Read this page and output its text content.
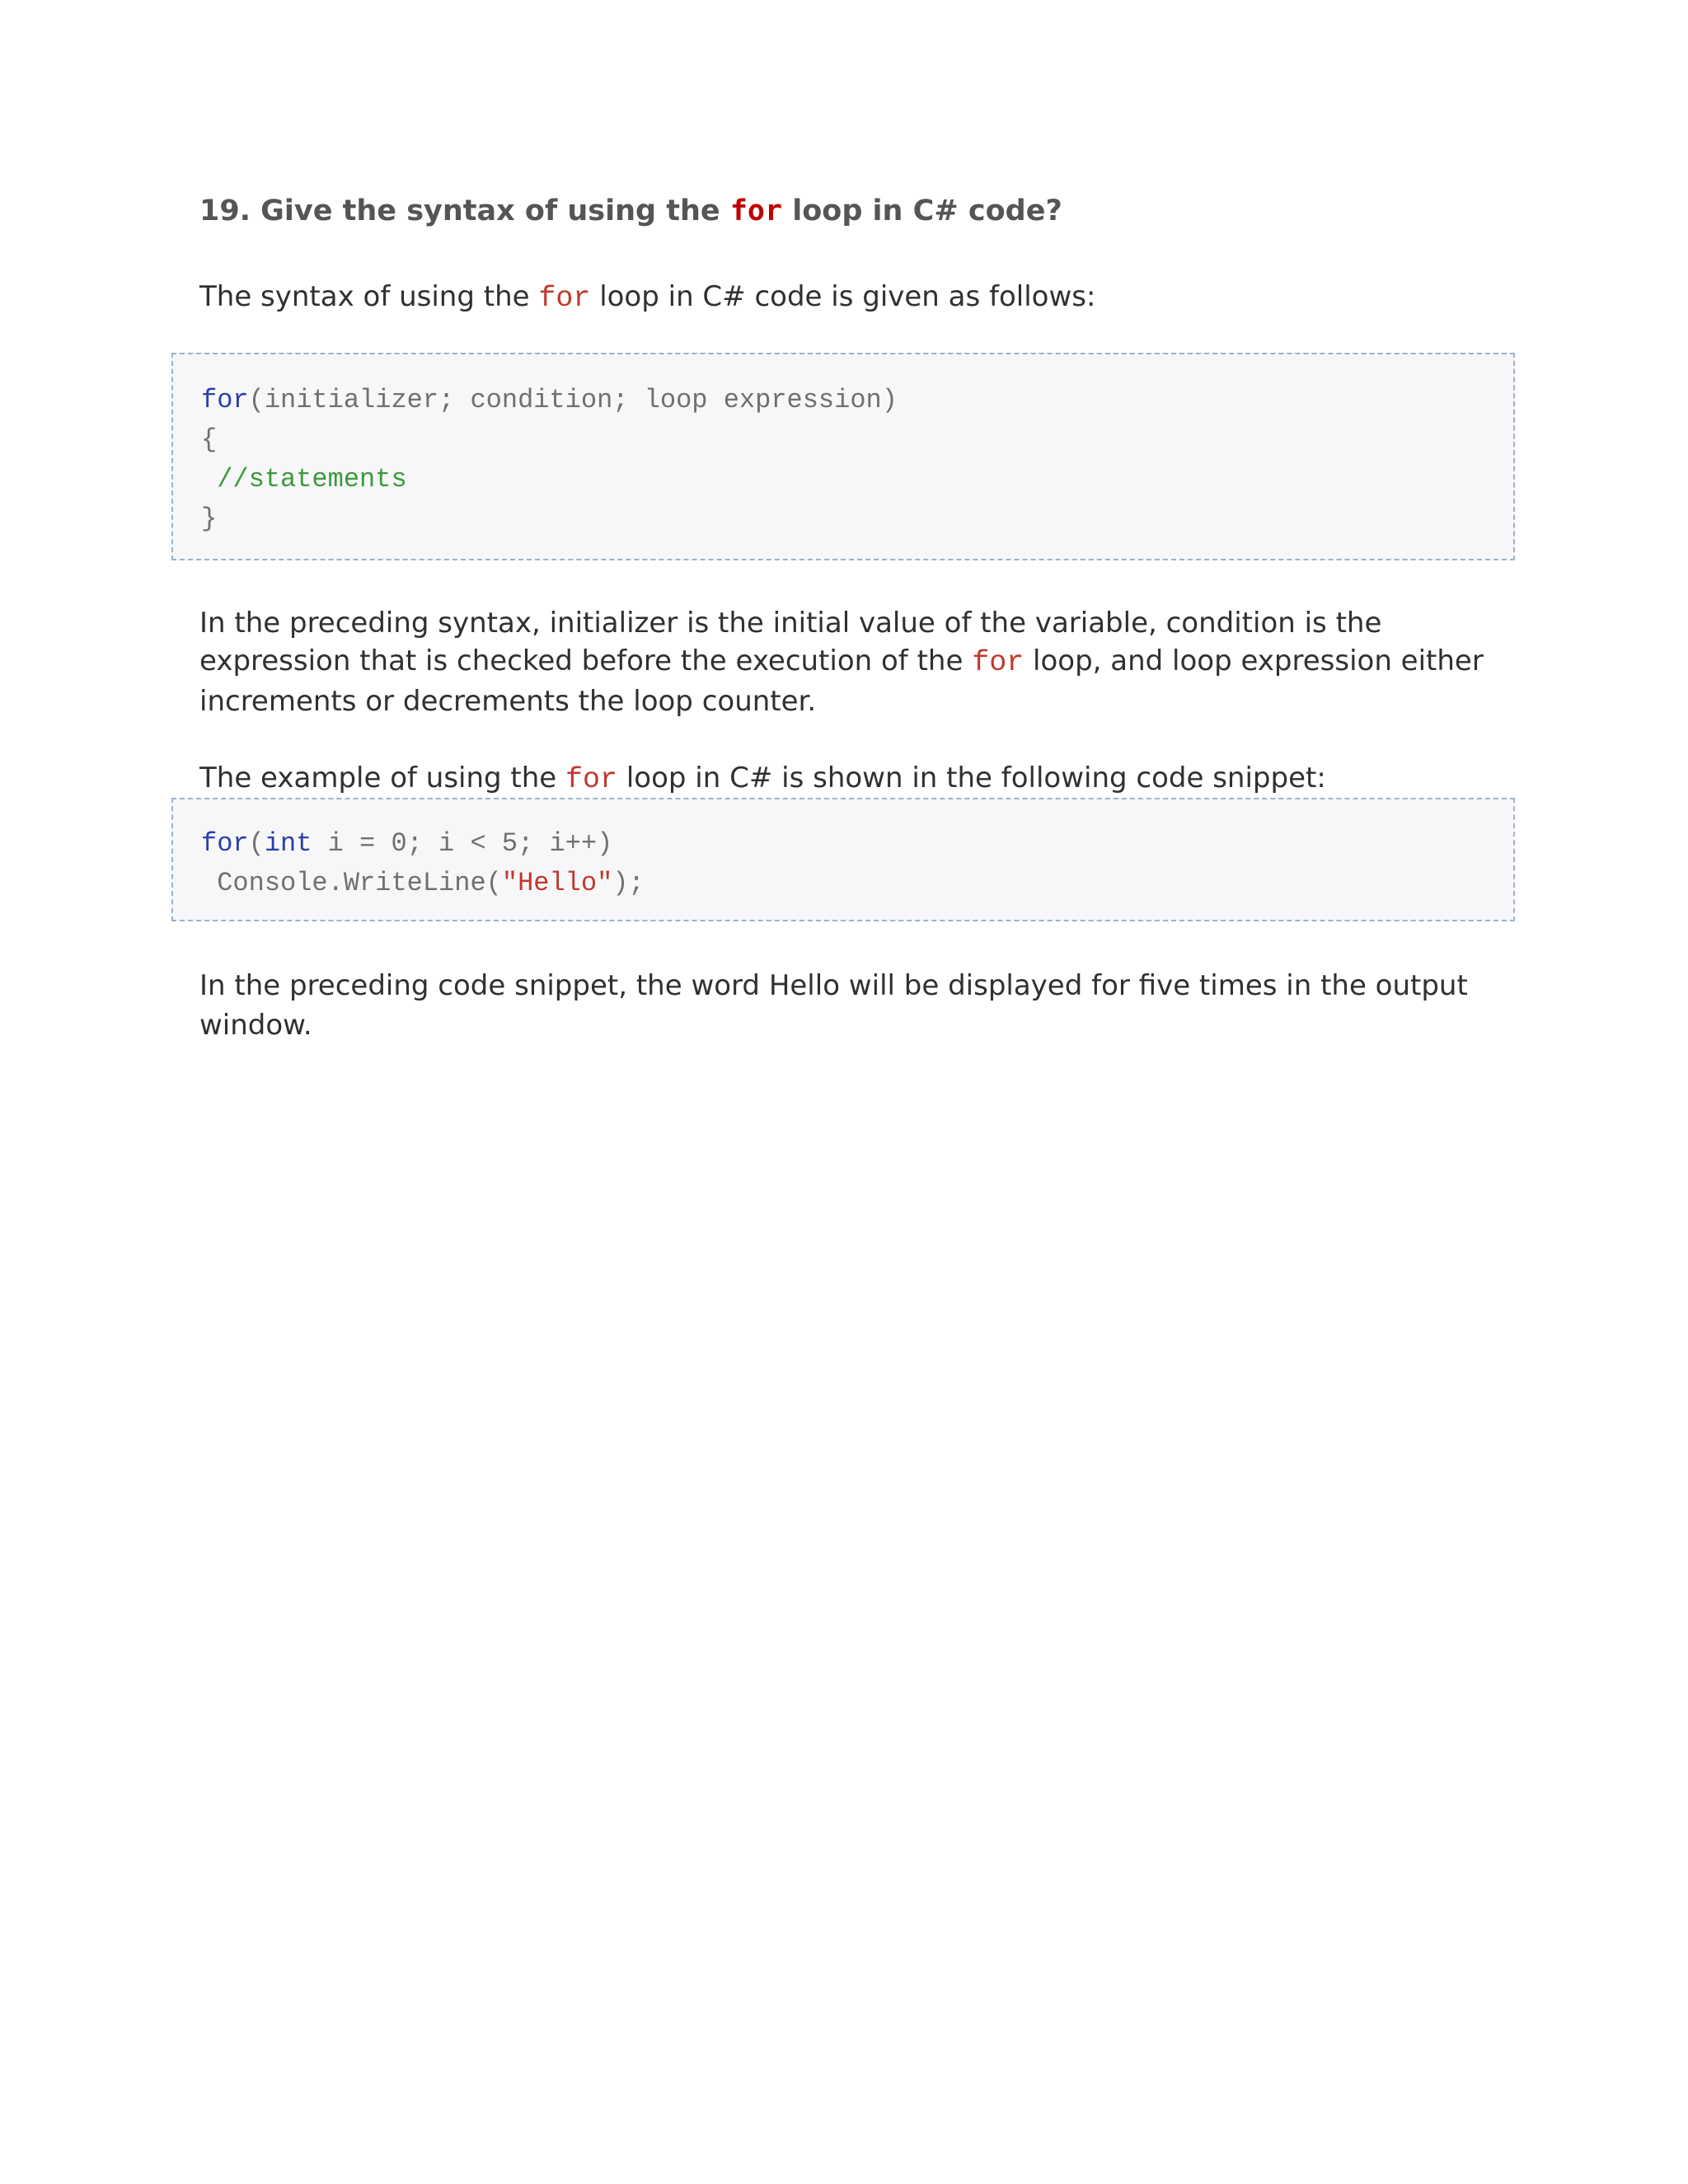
19. Give the syntax of using the for loop in C# code?

The syntax of using the for loop in C# code is given as follows:

for(initializer; condition; loop expression)
{
//statements
}

In the preceding syntax, initializer is the initial value of the variable, condition is the

expression that is checked before the execution of the for loop, and loop expression either

increments or decrements the loop counter.

The example of using the for loop in C# is shown in the following code snippet:

for(int i = 0; i < 5; i++)
Console.WriteLine("Hello");

In the preceding code snippet, the word Hello will be displayed for five times in the output

window.
